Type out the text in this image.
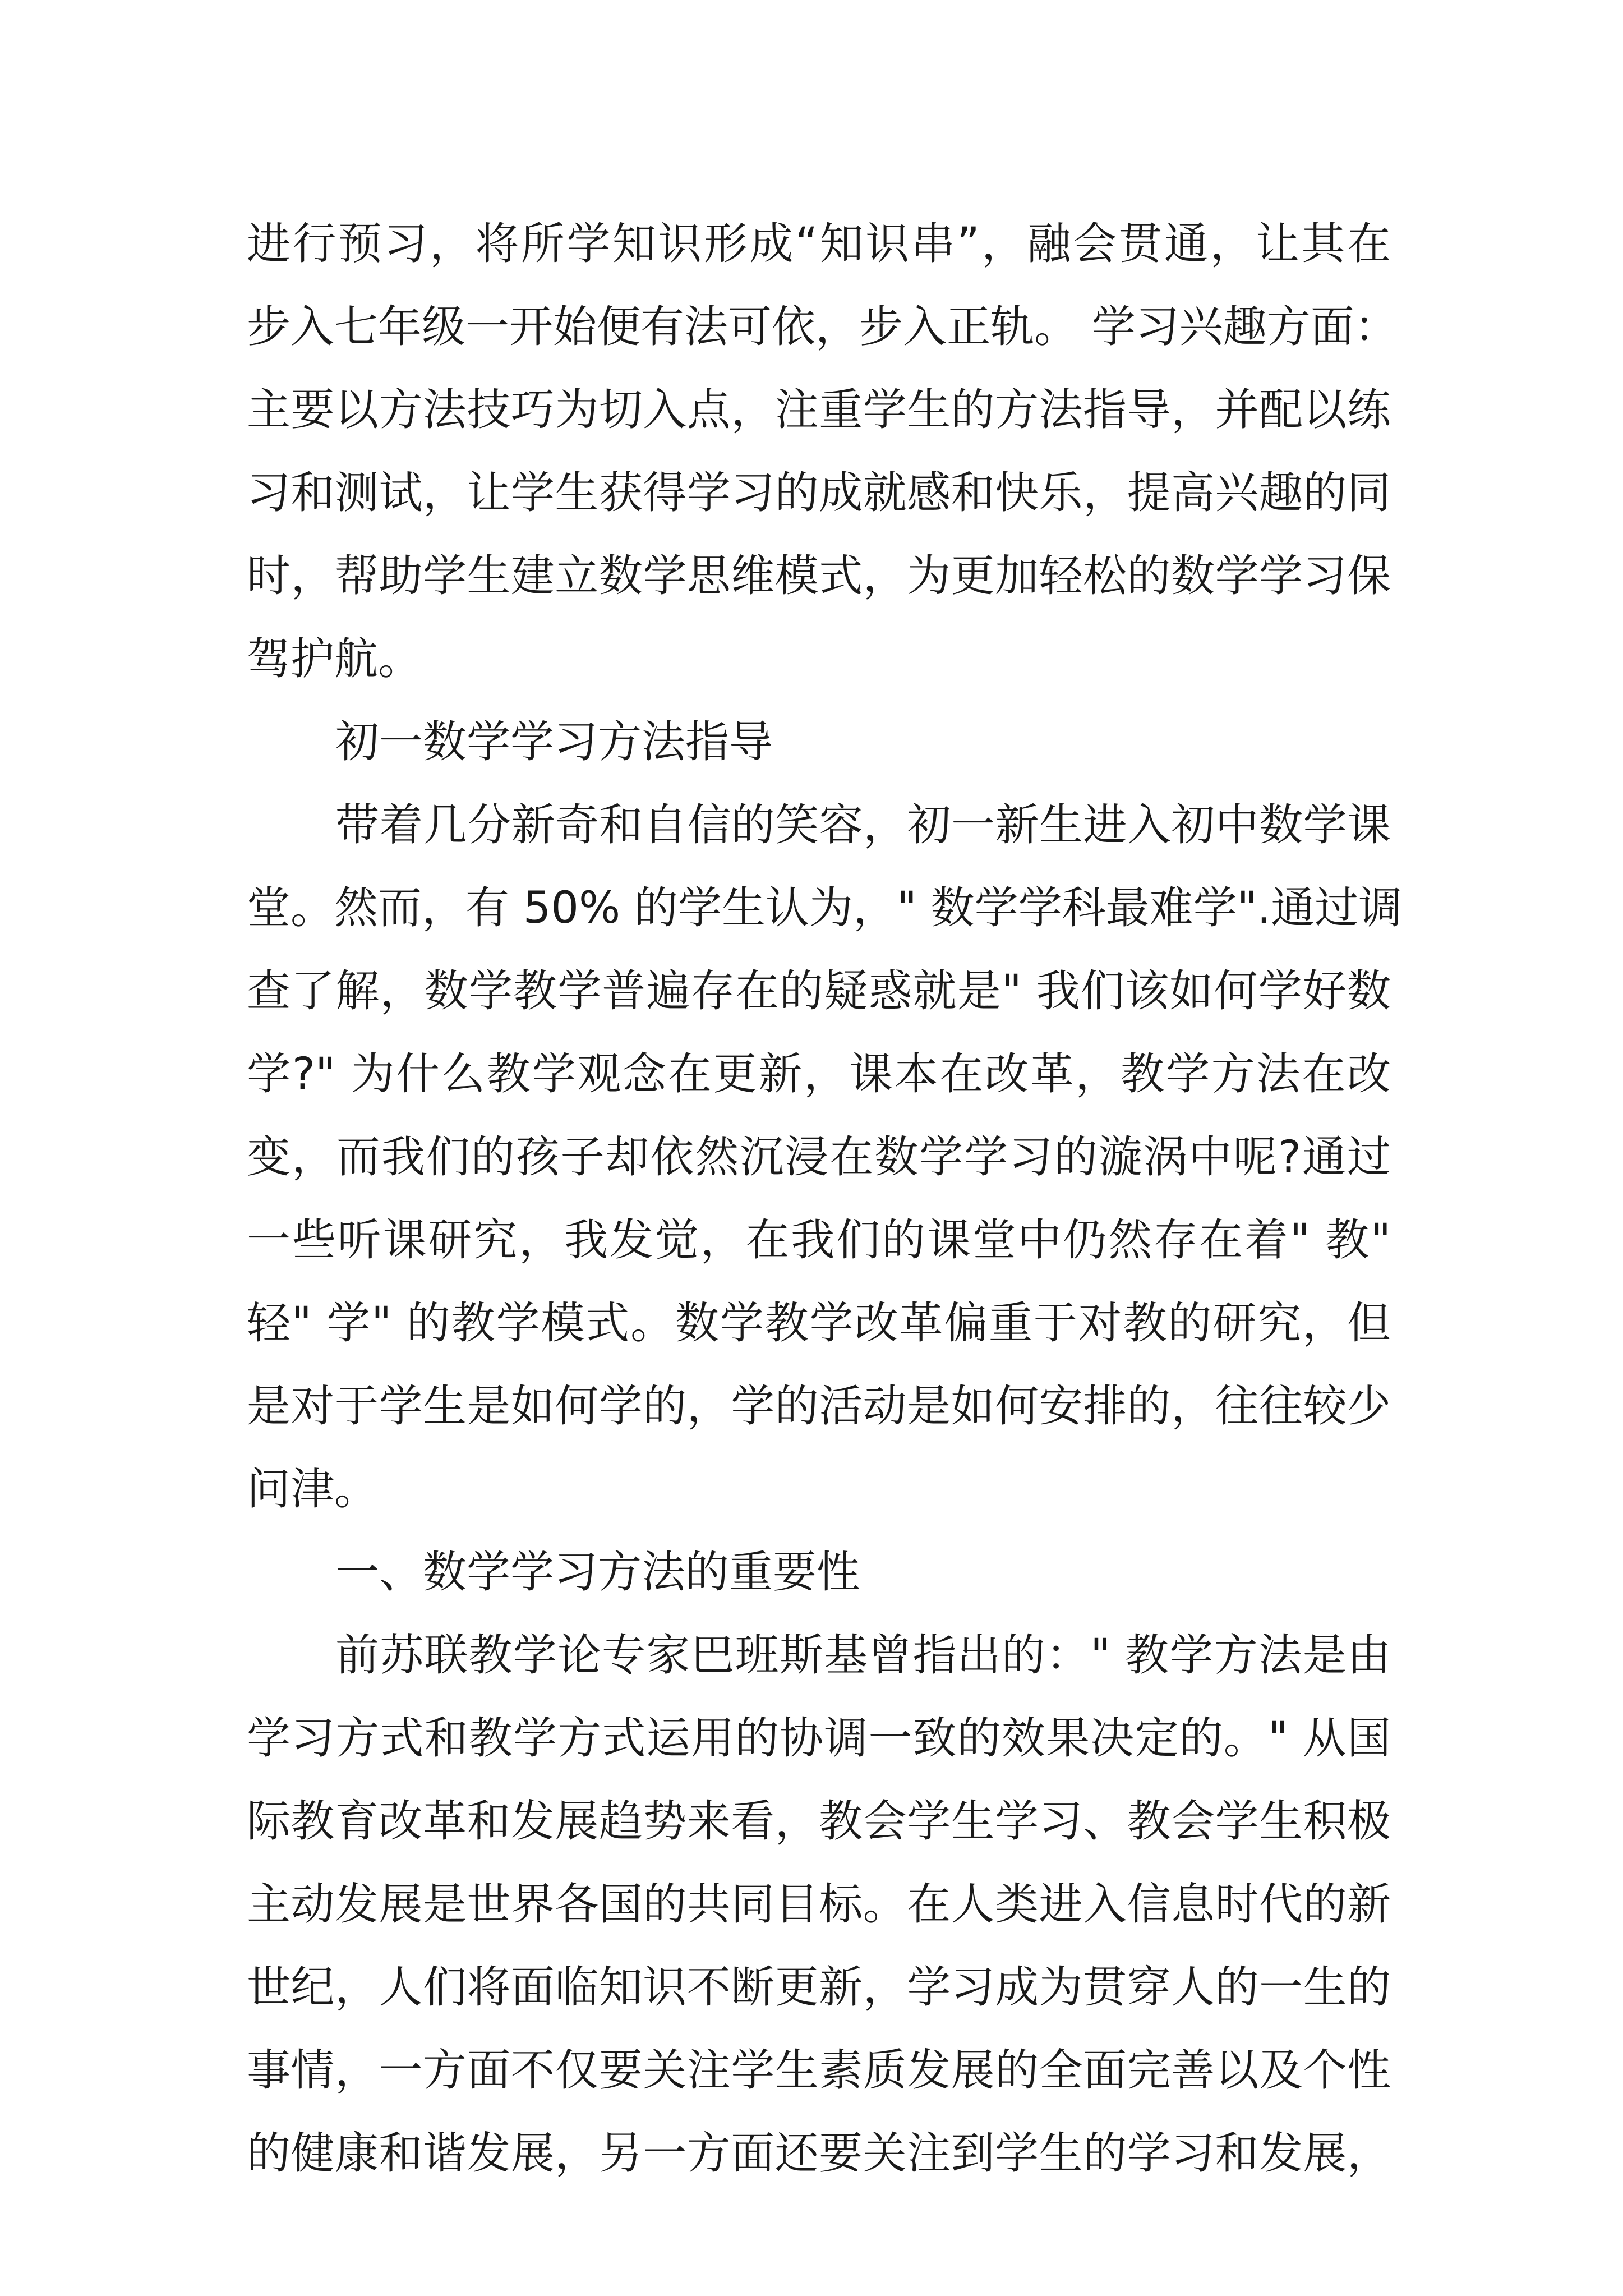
进行预习，将所学知识形成“知识串”，融会贯通，让其在
步入七年级一开始便有法可依，步入正轨。 学习兴趣方面：
主要以方法技巧为切入点，注重学生的方法指导，并配以练
习和测试，让学生获得学习的成就感和快乐，提高兴趣的同
时，帮助学生建立数学思维模式，为更加轻松的数学学习保
驾护航。
初一数学学习方法指导
带着几分新奇和自信的笑容，初一新生进入初中数学课
堂。然而，有 50% 的学生认为，" 数学学科最难学".通过调
查了解，数学教学普遍存在的疑惑就是" 我们该如何学好数
学?" 为什么教学观念在更新，课本在改革，教学方法在改
变，而我们的孩子却依然沉浸在数学学习的漩涡中呢?通过
一些听课研究，我发觉，在我们的课堂中仍然存在着" 教"
轻" 学" 的教学模式。数学教学改革偏重于对教的研究，但
是对于学生是如何学的，学的活动是如何安排的，往往较少
问津。
一、数学学习方法的重要性
前苏联教学论专家巴班斯基曾指出的：" 教学方法是由
学习方式和教学方式运用的协调一致的效果决定的。" 从国
际教育改革和发展趋势来看，教会学生学习、教会学生积极
主动发展是世界各国的共同目标。在人类进入信息时代的新
世纪，人们将面临知识不断更新，学习成为贯穿人的一生的
事情，一方面不仅要关注学生素质发展的全面完善以及个性
的健康和谐发展，另一方面还要关注到学生的学习和发展，
